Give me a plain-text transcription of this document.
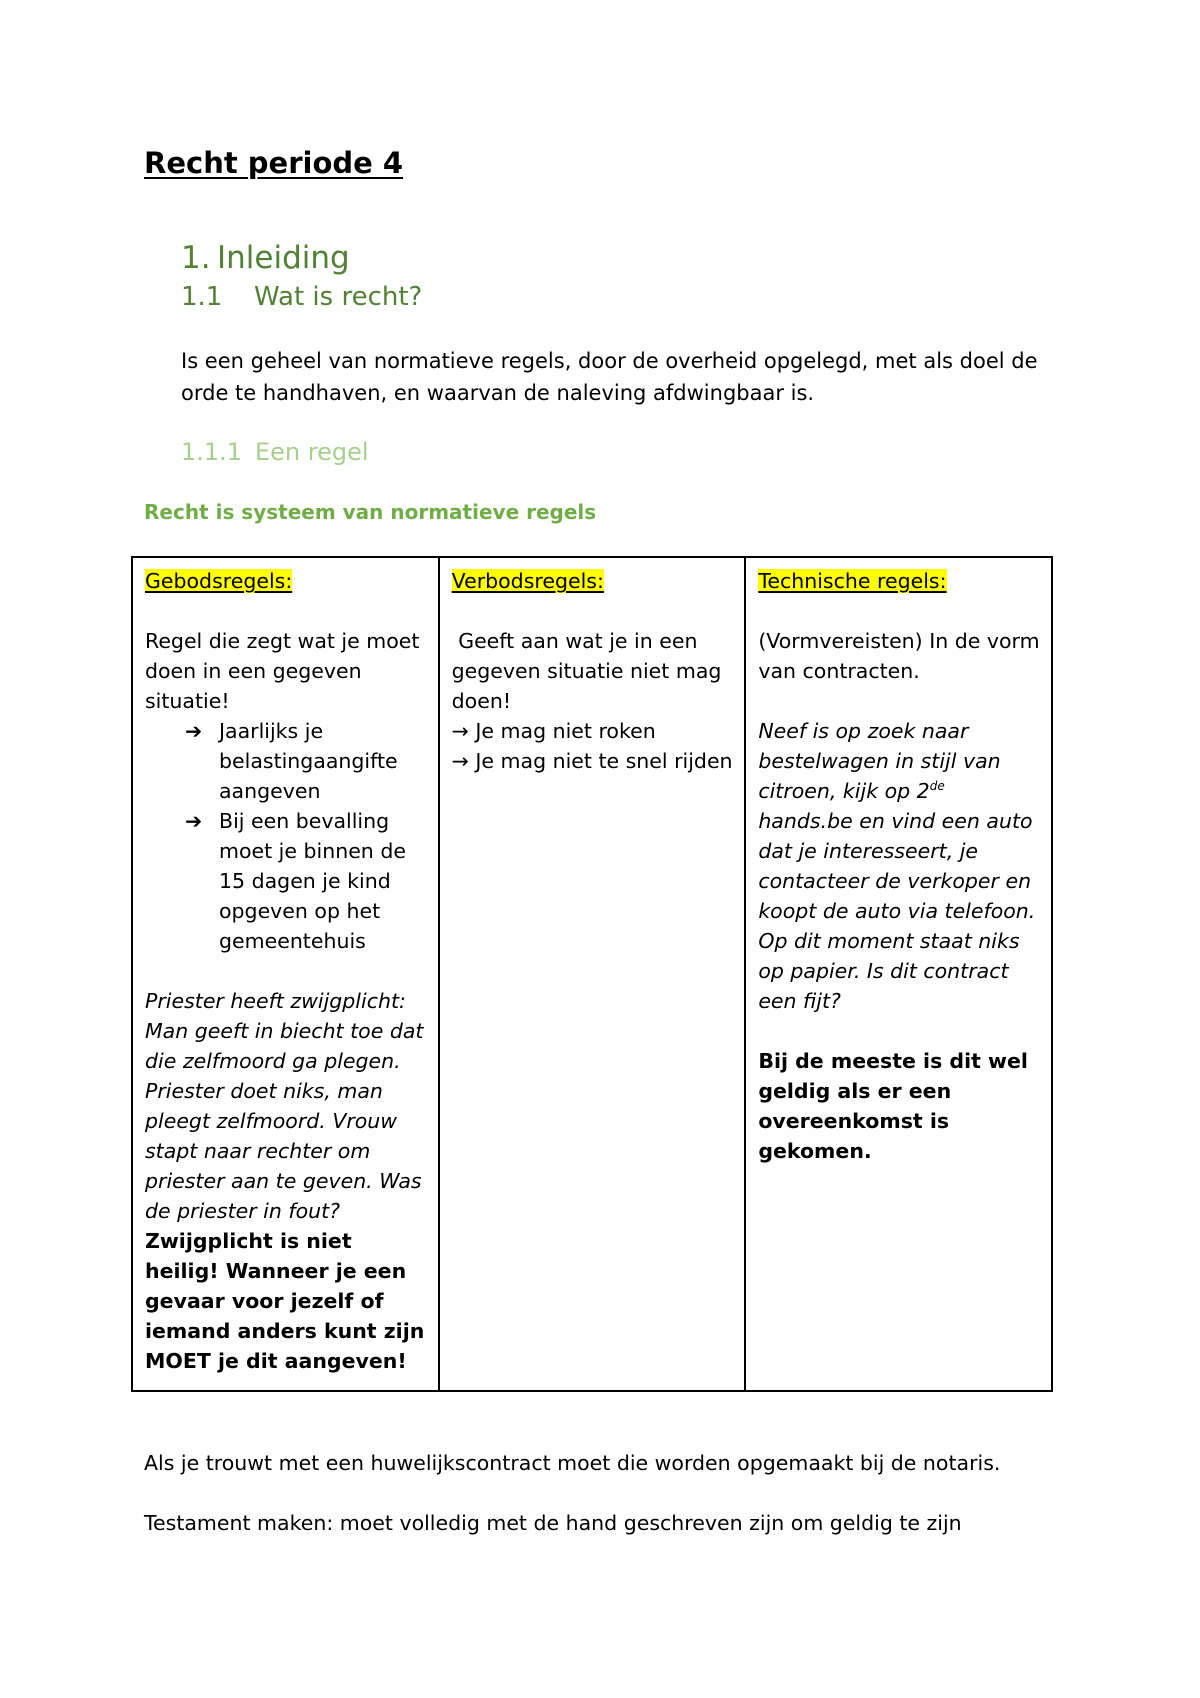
Recht periode 4
1. Inleiding
1.1 Wat is recht?
Is een geheel van normatieve regels, door de overheid opgelegd, met als doel de orde te handhaven, en waarvan de naleving afdwingbaar is.
1.1.1 Een regel
Recht is systeem van normatieve regels
Gebodsregels:
Regel die zegt wat je moet doen in een gegeven situatie!
➔ Jaarlijks je belastingaangifte aangeven
➔ Bij een bevalling moet je binnen de 15 dagen je kind opgeven op het gemeentehuis
Priester heeft zwijgplicht: Man geeft in biecht toe dat die zelfmoord ga plegen. Priester doet niks, man pleegt zelfmoord. Vrouw stapt naar rechter om priester aan te geven. Was de priester in fout?
Zwijgplicht is niet heilig! Wanneer je een gevaar voor jezelf of iemand anders kunt zijn MOET je dit aangeven!

Verbodsregels:
Geeft aan wat je in een gegeven situatie niet mag doen!
→ Je mag niet roken
→ Je mag niet te snel rijden

Technische regels:
(Vormvereisten) In de vorm van contracten.
Neef is op zoek naar bestelwagen in stijl van citroen, kijk op 2de hands.be en vind een auto dat je interesseert, je contacteer de verkoper en koopt de auto via telefoon. Op dit moment staat niks op papier. Is dit contract een fijt?
Bij de meeste is dit wel geldig als er een overeenkomst is gekomen.
Als je trouwt met een huwelijkscontract moet die worden opgemaakt bij de notaris.
Testament maken: moet volledig met de hand geschreven zijn om geldig te zijn
